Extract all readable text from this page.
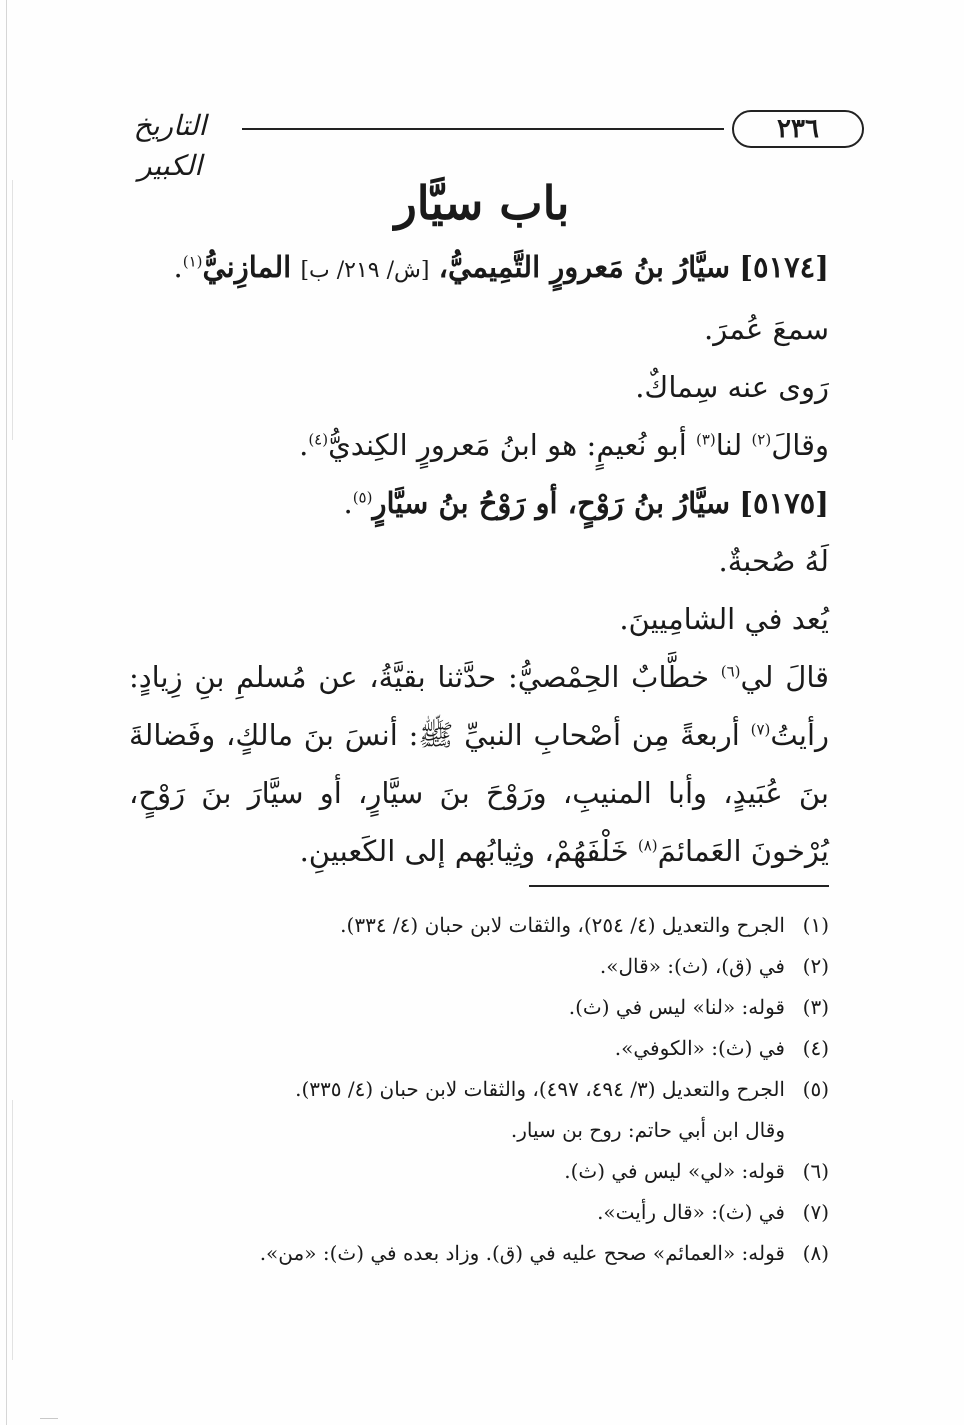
٢٣٦
التاريخ الكبير
باب سيَّار
[٥١٧٤] سيَّارُ بنُ مَعرورٍ التَّمِيميُّ، [ش/ ٢١٩/ ب] المازِنيُّ$^{(١)}$.
سمعَ عُمرَ.
رَوى عنه سِماكٌ.
وقالَ$^{(٢)}$ لنا$^{(٣)}$ أبو نُعيمٍ: هو ابنُ مَعرورٍ الكِنديُّ$^{(٤)}$.
[٥١٧٥] سيَّارُ بنُ رَوْحٍ، أو رَوْحُ بنُ سيَّارٍ$^{(٥)}$.
لَهُ صُحبةٌ.
يُعد في الشامِيينَ.
قالَ لي$^{(٦)}$ خطَّابٌ الحِمْصيُّ: حدَّثنا بقيَّةُ، عن مُسلمِ بنِ زِيادٍ: رأيتُ$^{(٧)}$ أربعةً مِن أصْحابِ النبيِّ ﷺ: أنسَ بنَ مالكٍ، وفَضالةَ بنَ عُبَيدٍ، وأبا المنيبِ، ورَوْحَ بنَ سيَّارٍ، أو سيَّارَ بنَ رَوْحٍ، يُرْخونَ العَمائمَ$^{(٨)}$ خَلْفَهُمْ، وثِيابُهم إلى الكَعبينِ.
(١)الجرح والتعديل (٤/ ٢٥٤)، والثقات لابن حبان (٤/ ٣٣٤).
(٢)في (ق)، (ث): «قال».
(٣)قوله: «لنا» ليس في (ث).
(٤)في (ث): «الكوفي».
(٥)الجرح والتعديل (٣/ ٤٩٤، ٤٩٧)، والثقات لابن حبان (٤/ ٣٣٥).
وقال ابن أبي حاتم: روح بن سيار.
(٦)قوله: «لي» ليس في (ث).
(٧)في (ث): «قال رأيت».
(٨)قوله: «العمائم» صحح عليه في (ق). وزاد بعده في (ث): «من».
